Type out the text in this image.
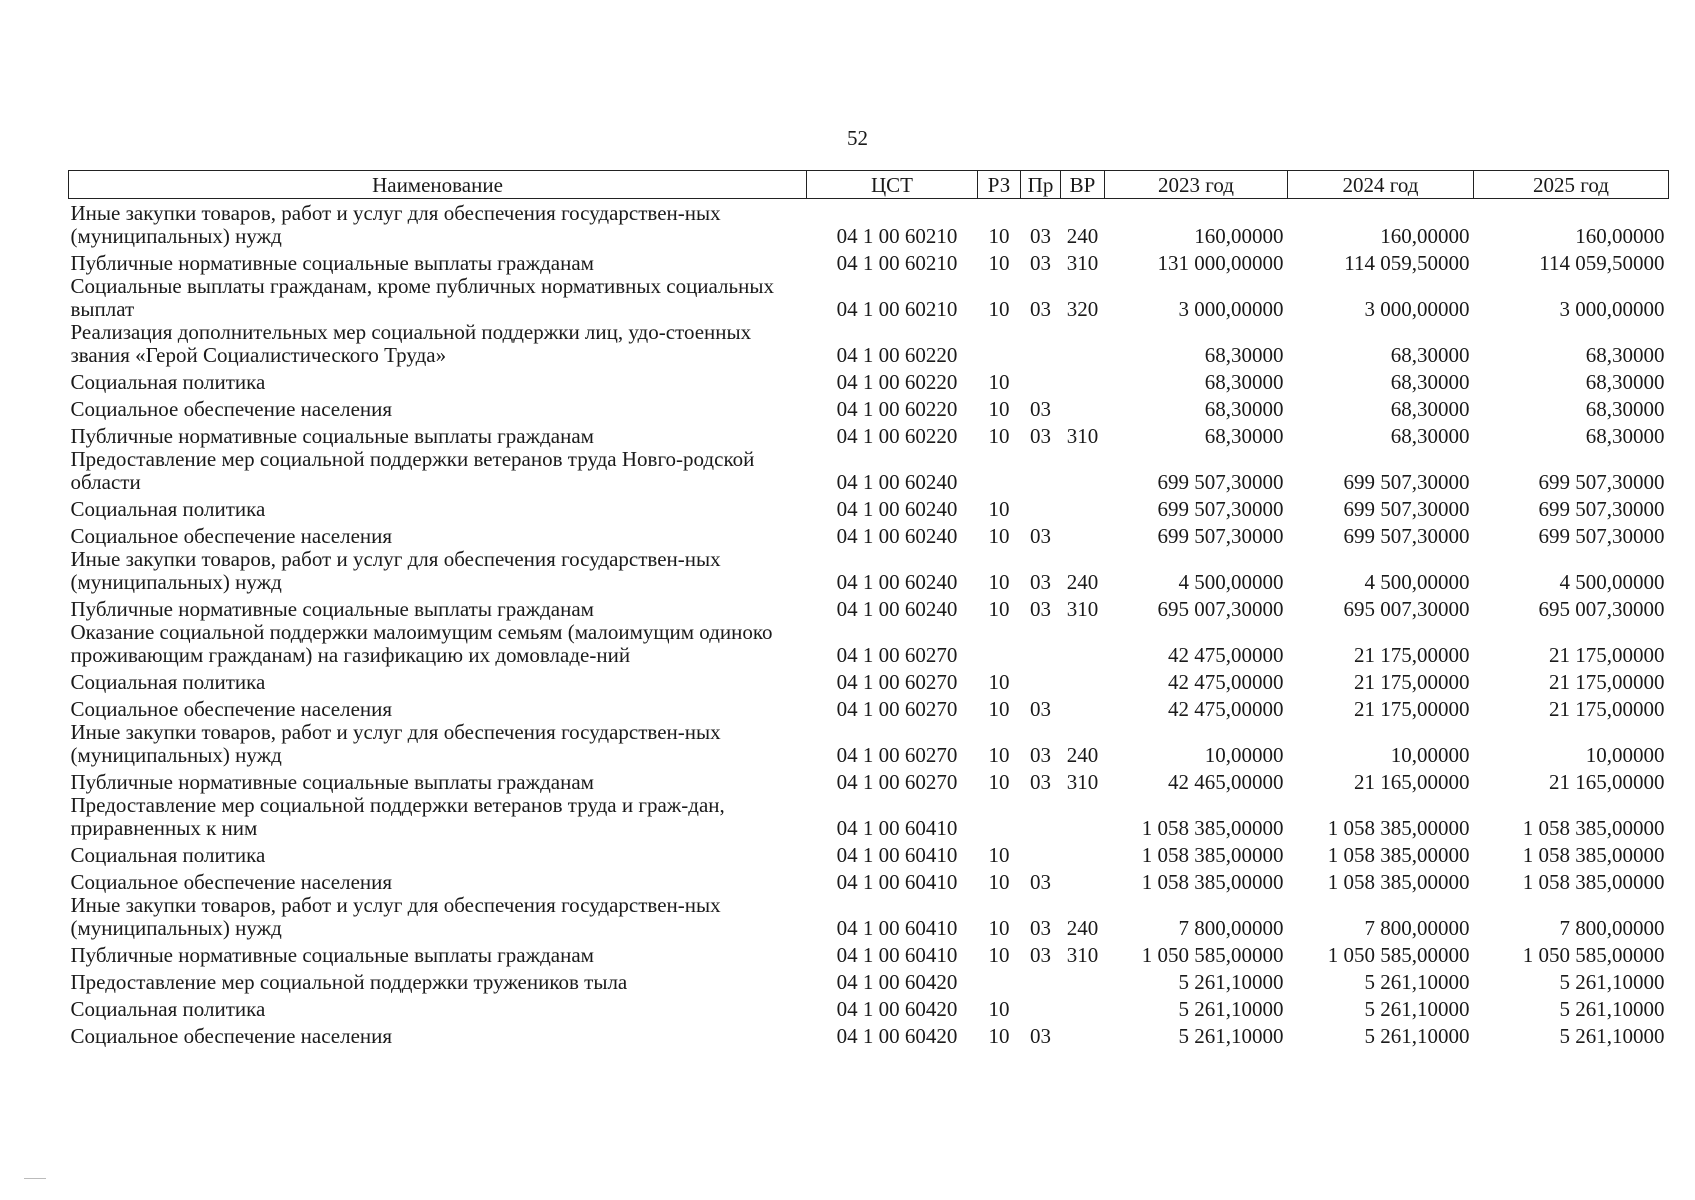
52
Наименование	ЦСТ	РЗ	Пр	ВР	2023 год	2024 год	2025 год
Иные закупки товаров, работ и услуг для обеспечения государствен-ных (муниципальных) нужд	04 1 00 60210	10	03	240	160,00000	160,00000	160,00000
Публичные нормативные социальные выплаты гражданам	04 1 00 60210	10	03	310	131 000,00000	114 059,50000	114 059,50000
Социальные выплаты гражданам, кроме публичных нормативных социальных выплат	04 1 00 60210	10	03	320	3 000,00000	3 000,00000	3 000,00000
Реализация дополнительных мер социальной поддержки лиц, удо-стоенных звания «Герой Социалистического Труда»	04 1 00 60220				68,30000	68,30000	68,30000
Социальная политика	04 1 00 60220	10			68,30000	68,30000	68,30000
Социальное обеспечение населения	04 1 00 60220	10	03		68,30000	68,30000	68,30000
Публичные нормативные социальные выплаты гражданам	04 1 00 60220	10	03	310	68,30000	68,30000	68,30000
Предоставление мер социальной поддержки ветеранов труда Новго-родской области	04 1 00 60240				699 507,30000	699 507,30000	699 507,30000
Социальная политика	04 1 00 60240	10			699 507,30000	699 507,30000	699 507,30000
Социальное обеспечение населения	04 1 00 60240	10	03		699 507,30000	699 507,30000	699 507,30000
Иные закупки товаров, работ и услуг для обеспечения государствен-ных (муниципальных) нужд	04 1 00 60240	10	03	240	4 500,00000	4 500,00000	4 500,00000
Публичные нормативные социальные выплаты гражданам	04 1 00 60240	10	03	310	695 007,30000	695 007,30000	695 007,30000
Оказание социальной поддержки малоимущим семьям (малоимущим одиноко проживающим гражданам) на газификацию их домовладе-ний	04 1 00 60270				42 475,00000	21 175,00000	21 175,00000
Социальная политика	04 1 00 60270	10			42 475,00000	21 175,00000	21 175,00000
Социальное обеспечение населения	04 1 00 60270	10	03		42 475,00000	21 175,00000	21 175,00000
Иные закупки товаров, работ и услуг для обеспечения государствен-ных (муниципальных) нужд	04 1 00 60270	10	03	240	10,00000	10,00000	10,00000
Публичные нормативные социальные выплаты гражданам	04 1 00 60270	10	03	310	42 465,00000	21 165,00000	21 165,00000
Предоставление мер социальной поддержки ветеранов труда и граж-дан, приравненных к ним	04 1 00 60410				1 058 385,00000	1 058 385,00000	1 058 385,00000
Социальная политика	04 1 00 60410	10			1 058 385,00000	1 058 385,00000	1 058 385,00000
Социальное обеспечение населения	04 1 00 60410	10	03		1 058 385,00000	1 058 385,00000	1 058 385,00000
Иные закупки товаров, работ и услуг для обеспечения государствен-ных (муниципальных) нужд	04 1 00 60410	10	03	240	7 800,00000	7 800,00000	7 800,00000
Публичные нормативные социальные выплаты гражданам	04 1 00 60410	10	03	310	1 050 585,00000	1 050 585,00000	1 050 585,00000
Предоставление мер социальной поддержки тружеников тыла	04 1 00 60420				5 261,10000	5 261,10000	5 261,10000
Социальная политика	04 1 00 60420	10			5 261,10000	5 261,10000	5 261,10000
Социальное обеспечение населения	04 1 00 60420	10	03		5 261,10000	5 261,10000	5 261,10000
